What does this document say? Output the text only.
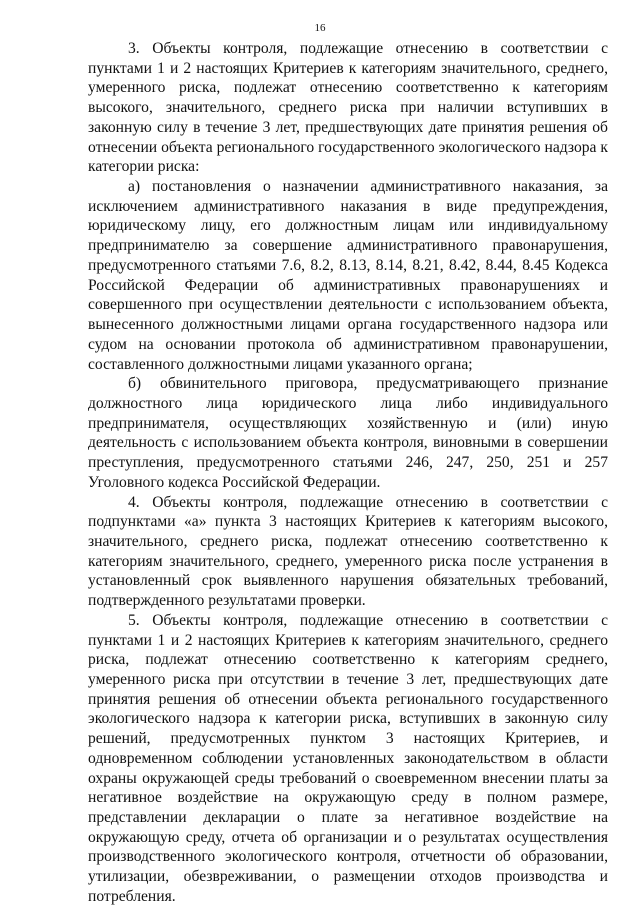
16

3. Объекты контроля, подлежащие отнесению в соответствии с пунктами 1 и 2 настоящих Критериев к категориям значительного, среднего, умеренного риска, подлежат отнесению соответственно к категориям высокого, значительного, среднего риска при наличии вступивших в законную силу в течение 3 лет, предшествующих дате принятия решения об отнесении объекта регионального государственного экологического надзора к категории риска:

а) постановления о назначении административного наказания, за исключением административного наказания в виде предупреждения, юридическому лицу, его должностным лицам или индивидуальному предпринимателю за совершение административного правонарушения, предусмотренного статьями 7.6, 8.2, 8.13, 8.14, 8.21, 8.42, 8.44, 8.45 Кодекса Российской Федерации об административных правонарушениях и совершенного при осуществлении деятельности с использованием объекта, вынесенного должностными лицами органа государственного надзора или судом на основании протокола об административном правонарушении, составленного должностными лицами указанного органа;

б) обвинительного приговора, предусматривающего признание должностного лица юридического лица либо индивидуального предпринимателя, осуществляющих хозяйственную и (или) иную деятельность с использованием объекта контроля, виновными в совершении преступления, предусмотренного статьями 246, 247, 250, 251 и 257 Уголовного кодекса Российской Федерации.

4. Объекты контроля, подлежащие отнесению в соответствии с подпунктами «а» пункта 3 настоящих Критериев к категориям высокого, значительного, среднего риска, подлежат отнесению соответственно к категориям значительного, среднего, умеренного риска после устранения в установленный срок выявленного нарушения обязательных требований, подтвержденного результатами проверки.

5. Объекты контроля, подлежащие отнесению в соответствии с пунктами 1 и 2 настоящих Критериев к категориям значительного, среднего риска, подлежат отнесению соответственно к категориям среднего, умеренного риска при отсутствии в течение 3 лет, предшествующих дате принятия решения об отнесении объекта регионального государственного экологического надзора к категории риска, вступивших в законную силу решений, предусмотренных пунктом 3 настоящих Критериев, и одновременном соблюдении установленных законодательством в области охраны окружающей среды требований о своевременном внесении платы за негативное воздействие на окружающую среду в полном размере, представлении декларации о плате за негативное воздействие на окружающую среду, отчета об организации и о результатах осуществления производственного экологического контроля, отчетности об образовании, утилизации, обезвреживании, о размещении отходов производства и потребления.
